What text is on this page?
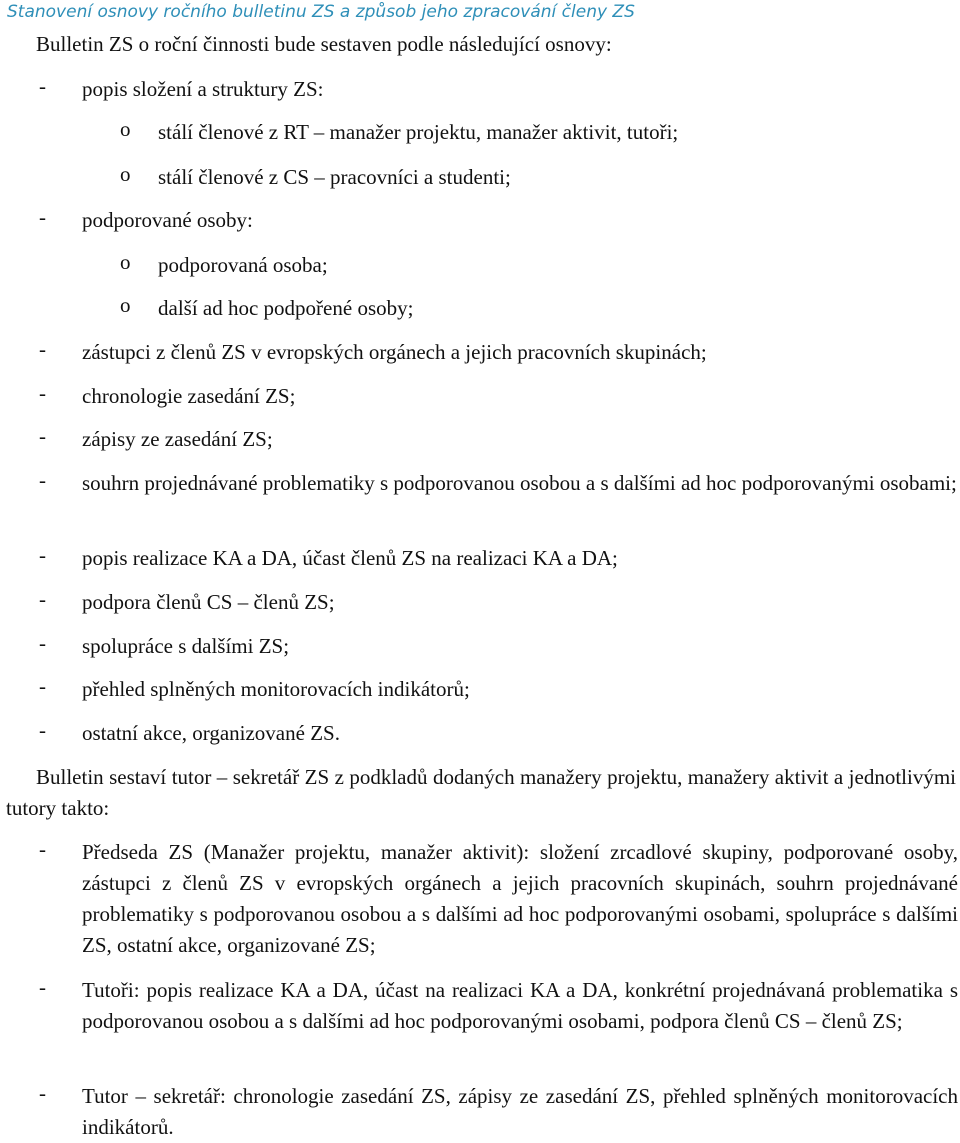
Stanovení osnovy ročního bulletinu ZS a způsob jeho zpracování členy ZS
Bulletin ZS o roční činnosti bude sestaven podle následující osnovy:
- popis složení a struktury ZS:
o stálí členové z RT – manažer projektu, manažer aktivit, tutoři;
o stálí členové z CS – pracovníci a studenti;
- podporované osoby:
o podporovaná osoba;
o další ad hoc podpořené osoby;
- zástupci z členů ZS v evropských orgánech a jejich pracovních skupinách;
- chronologie zasedání ZS;
- zápisy ze zasedání ZS;
- souhrn projednávané problematiky s podporovanou osobou a s dalšími ad hoc podporovanými osobami;
- popis realizace KA a DA, účast členů ZS na realizaci KA a DA;
- podpora členů CS – členů ZS;
- spolupráce s dalšími ZS;
- přehled splněných monitorovacích indikátorů;
- ostatní akce, organizované ZS.
Bulletin sestaví tutor – sekretář ZS z podkladů dodaných manažery projektu, manažery aktivit a jednotlivými tutory takto:
- Předseda ZS (Manažer projektu, manažer aktivit): složení zrcadlové skupiny, podporované osoby, zástupci z členů ZS v evropských orgánech a jejich pracovních skupinách, souhrn projednávané problematiky s podporovanou osobou a s dalšími ad hoc podporovanými osobami, spolupráce s dalšími ZS, ostatní akce, organizované ZS;
- Tutoři: popis realizace KA a DA, účast na realizaci KA a DA, konkrétní projednávaná problematika s podporovanou osobou a s dalšími ad hoc podporovanými osobami, podpora členů CS – členů ZS;
- Tutor – sekretář: chronologie zasedání ZS, zápisy ze zasedání ZS, přehled splněných monitorovacích indikátorů.
